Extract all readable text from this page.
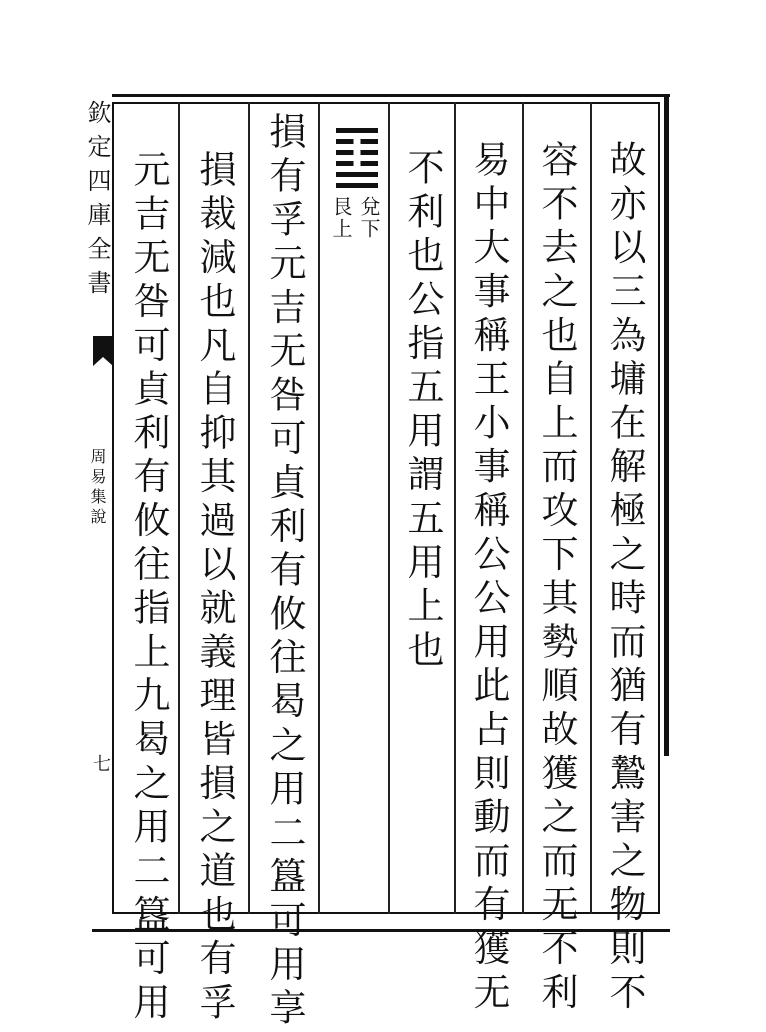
欽定四庫全書
周易集說
七	故亦以三為墉在解極之時而猶有鷙害之物則不
容不去之也自上而攻下其勢順故獲之而无不利
易中大事稱王小事稱公公用此占則動而有獲无
不利也公指五用謂五用上也
兌下
艮上
損有孚元吉无咎可貞利有攸往曷之用二簋可用享
損裁減也凡自抑其過以就義理皆損之道也有孚
元吉无咎可貞利有攸往指上九曷之用二簋可用
